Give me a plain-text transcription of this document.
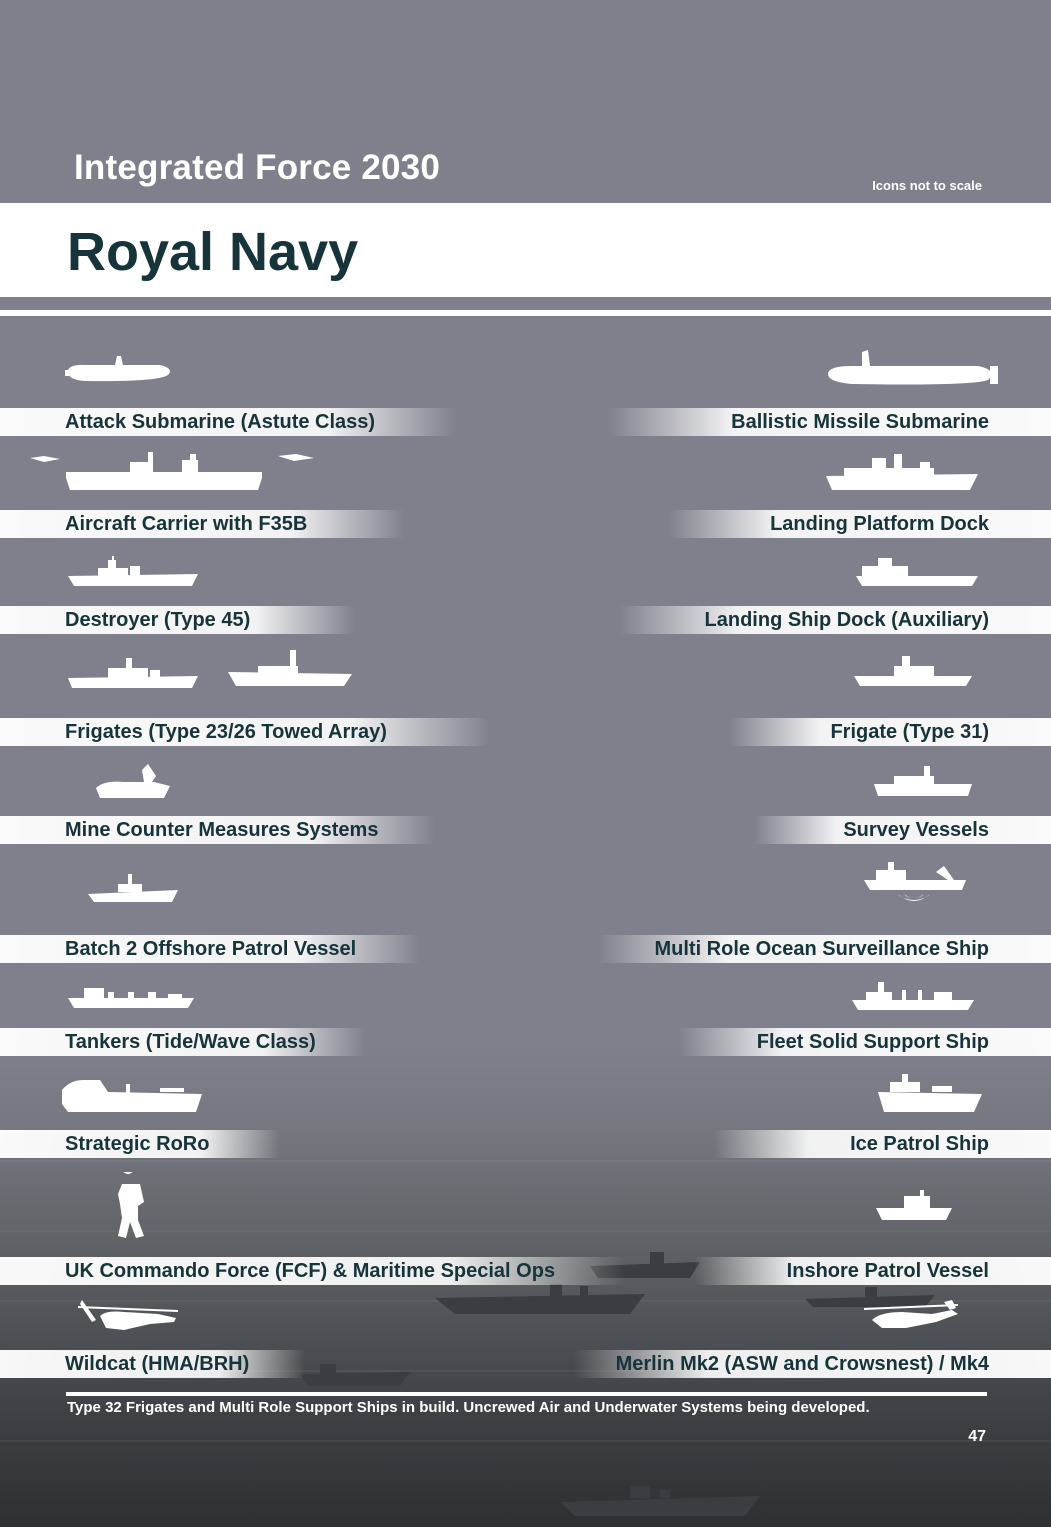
Integrated Force 2030	Icons not to scale
Royal Navy
Attack Submarine (Astute Class)
Aircraft Carrier with F35B
Destroyer (Type 45)
Frigates (Type 23/26 Towed Array)
Mine Counter Measures Systems
Batch 2 Offshore Patrol Vessel
Tankers (Tide/Wave Class)
Strategic RoRo
UK Commando Force (FCF) & Maritime Special Ops
Wildcat (HMA/BRH)
Ballistic Missile Submarine
Landing Platform Dock
Landing Ship Dock (Auxiliary)
Frigate (Type 31)
Survey Vessels
Multi Role Ocean Surveillance Ship
Fleet Solid Support Ship
Ice Patrol Ship
Inshore Patrol Vessel
Merlin Mk2 (ASW and Crowsnest) / Mk4
Type 32 Frigates and Multi Role Support Ships in build. Uncrewed Air and Underwater Systems being developed.
47
